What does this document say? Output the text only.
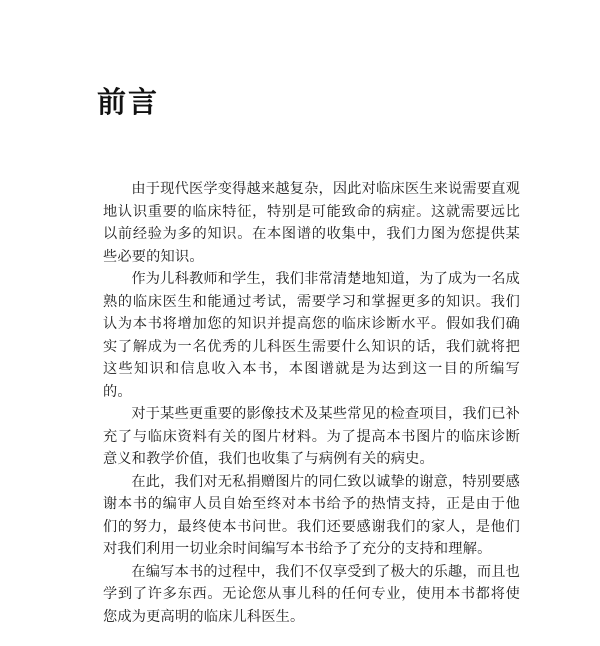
前言

由于现代医学变得越来越复杂，因此对临床医生来说需要直观地认识重要的临床特征，特别是可能致命的病症。这就需要远比以前经验为多的知识。在本图谱的收集中，我们力图为您提供某些必要的知识。

作为儿科教师和学生，我们非常清楚地知道，为了成为一名成熟的临床医生和能通过考试，需要学习和掌握更多的知识。我们认为本书将增加您的知识并提高您的临床诊断水平。假如我们确实了解成为一名优秀的儿科医生需要什么知识的话，我们就将把这些知识和信息收入本书，本图谱就是为达到这一目的所编写的。

对于某些更重要的影像技术及某些常见的检查项目，我们已补充了与临床资料有关的图片材料。为了提高本书图片的临床诊断意义和教学价值，我们也收集了与病例有关的病史。

在此，我们对无私捐赠图片的同仁致以诚挚的谢意，特别要感谢本书的编审人员自始至终对本书给予的热情支持，正是由于他们的努力，最终使本书问世。我们还要感谢我们的家人，是他们对我们利用一切业余时间编写本书给予了充分的支持和理解。

在编写本书的过程中，我们不仅享受到了极大的乐趣，而且也学到了许多东西。无论您从事儿科的任何专业，使用本书都将使您成为更高明的临床儿科医生。
